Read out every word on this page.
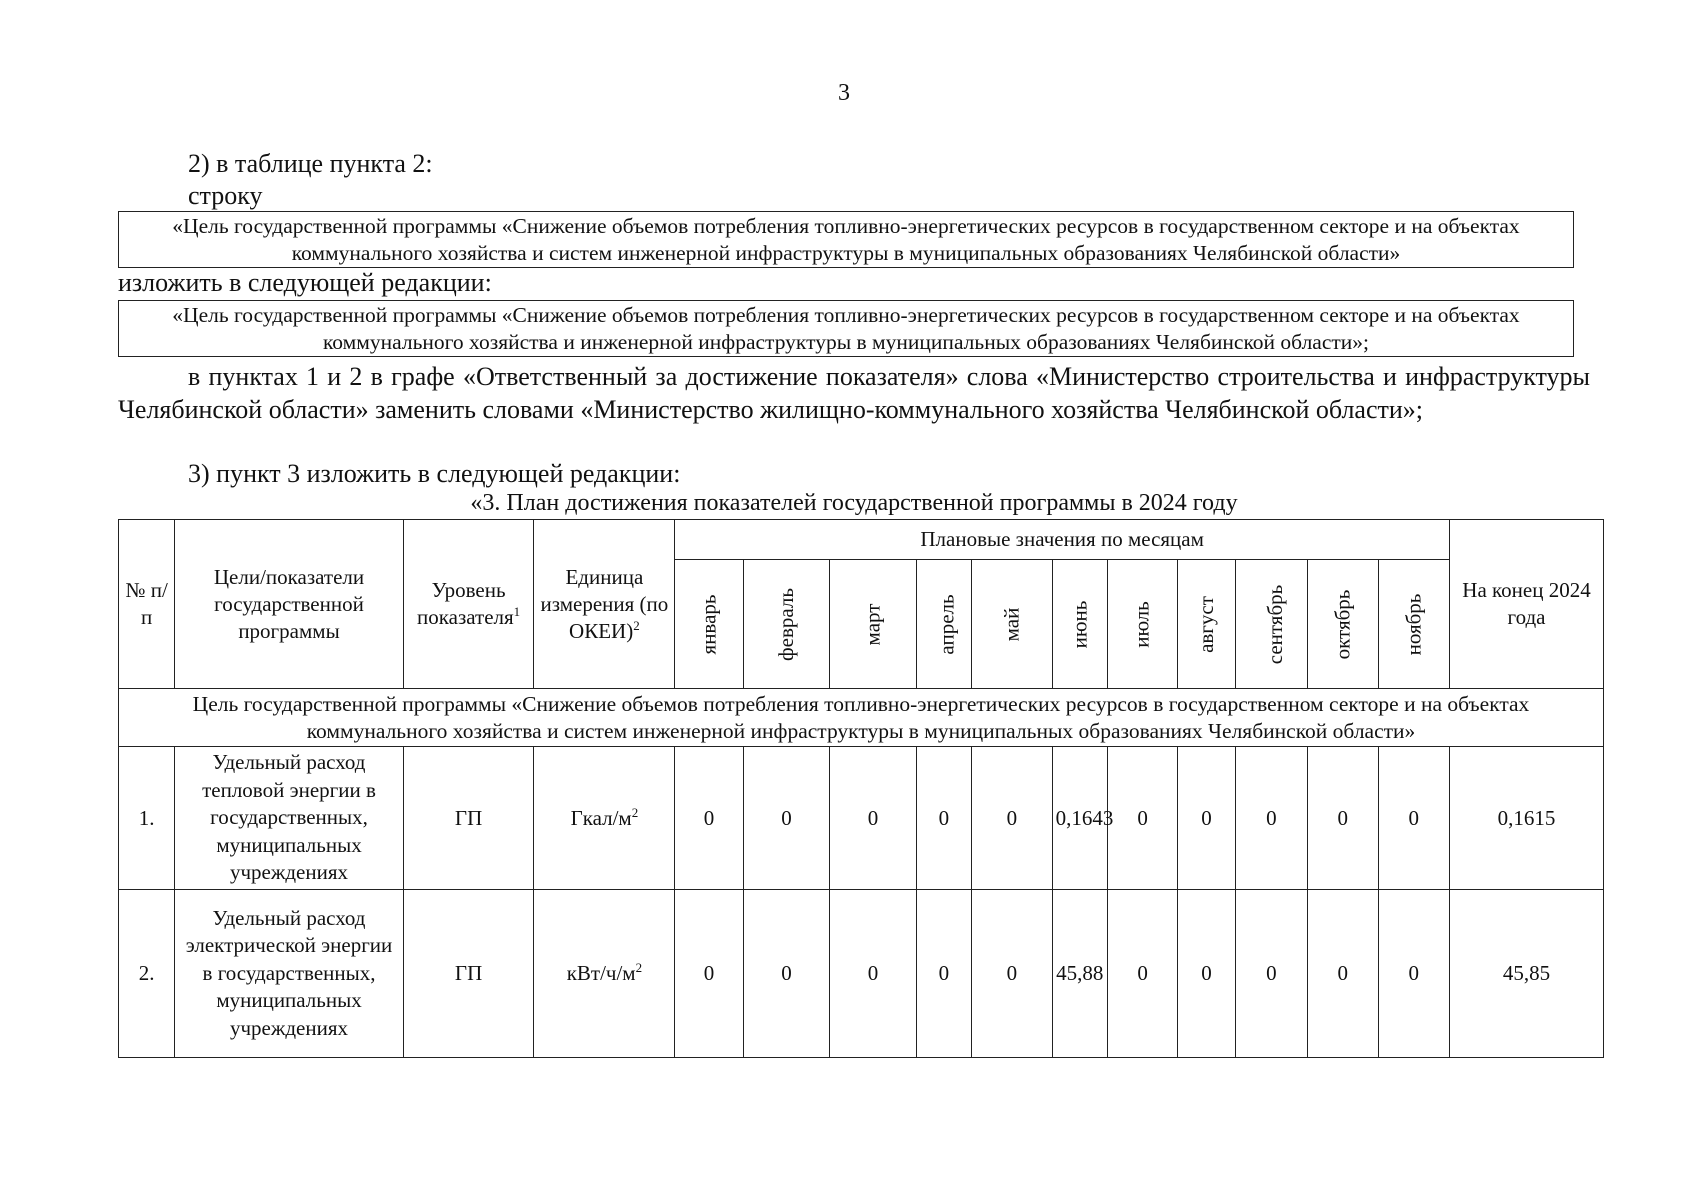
3
2) в таблице пункта 2:
строку
«Цель государственной программы «Снижение объемов потребления топливно-энергетических ресурсов в государственном секторе и на объектах коммунального хозяйства и систем инженерной инфраструктуры в муниципальных образованиях Челябинской области»
изложить в следующей редакции:
«Цель государственной программы «Снижение объемов потребления топливно-энергетических ресурсов в государственном секторе и на объектах коммунального хозяйства и инженерной инфраструктуры в муниципальных образованиях Челябинской области»;
в пунктах 1 и 2 в графе «Ответственный за достижение показателя» слова «Министерство строительства и инфраструктуры Челябинской области» заменить словами «Министерство жилищно-коммунального хозяйства Челябинской области»;
3) пункт 3 изложить в следующей редакции:
«3. План достижения показателей государственной программы в 2024 году
№ п/п	Цели/показатели государственной программы	Уровень показателя$^1$	Единица измерения (по ОКЕИ)$^2$	Плановые значения по месяцам											На конец 2024 года
				январь	февраль	март	апрель	май	июнь	июль	август	сентябрь	октябрь	ноябрь	
Цель государственной программы «Снижение объемов потребления топливно-энергетических ресурсов в государственном секторе и на объектах коммунального хозяйства и систем инженерной инфраструктуры в муниципальных образованиях Челябинской области»															
1.	Удельный расход тепловой энергии в государственных, муниципальных учреждениях	ГП	Гкал/$м^2$	0	0	0	0	0	0,1643	0	0	0	0	0	0,1615
2.	Удельный расход электрической энергии в государственных, муниципальных учреждениях	ГП	кВт/$ч/м^2$	0	0	0	0	0	45,88	0	0	0	0	0	45,85
